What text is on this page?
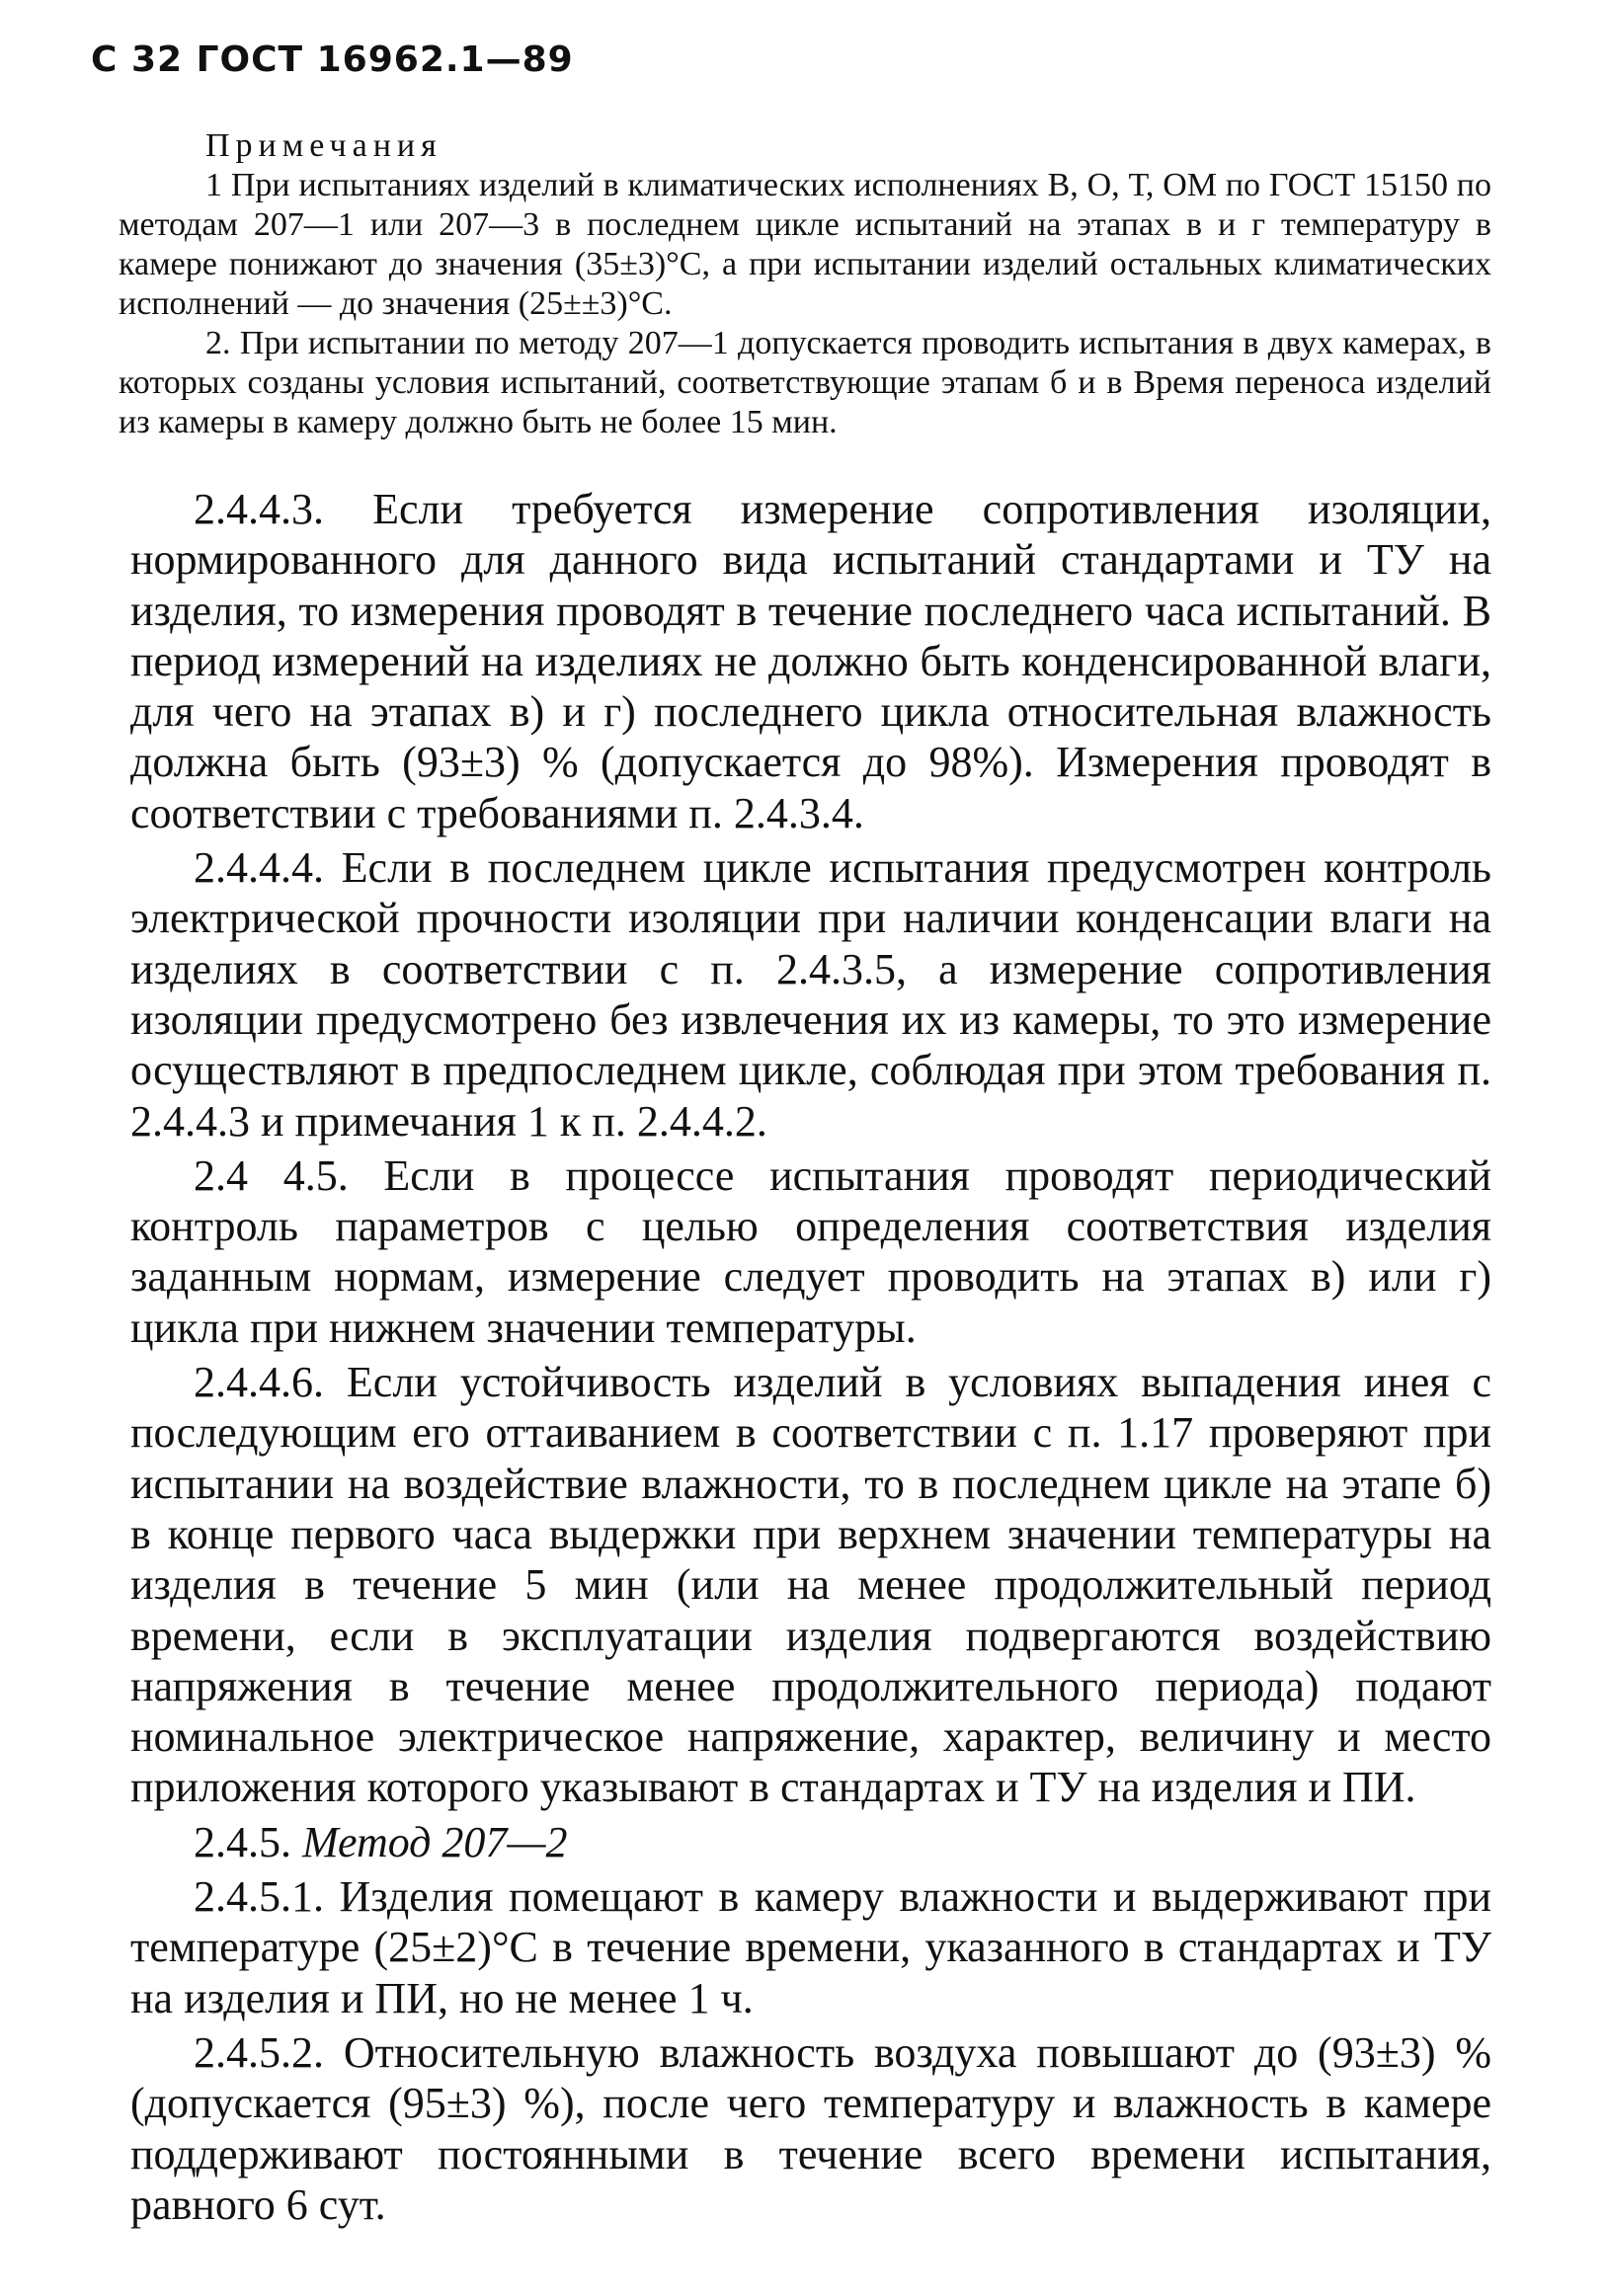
С 32 ГОСТ 16962.1—89
Примечания

1 При испытаниях изделий в климатических исполнениях В, О, Т, ОМ по ГОСТ 15150 по методам 207—1 или 207—3 в последнем цикле испытаний на этапах в и г температуру в камере понижают до значения (35±3)°С, а при испытании изделий остальных климатических исполнений — до значения (25±±3)°С.

2. При испытании по методу 207—1 допускается проводить испытания в двух камерах, в которых созданы условия испытаний, соответствующие этапам б и в Время переноса изделий из камеры в камеру должно быть не более 15 мин.

2.4.4.3. Если требуется измерение сопротивления изоляции, нормированного для данного вида испытаний стандартами и ТУ на изделия, то измерения проводят в течение последнего часа испытаний. В период измерений на изделиях не должно быть конденсированной влаги, для чего на этапах в) и г) последнего цикла относительная влажность должна быть (93±3) % (допускается до 98%). Измерения проводят в соответствии с требованиями п. 2.4.3.4.

2.4.4.4. Если в последнем цикле испытания предусмотрен контроль электрической прочности изоляции при наличии конденсации влаги на изделиях в соответствии с п. 2.4.3.5, а измерение сопротивления изоляции предусмотрено без извлечения их из камеры, то это измерение осуществляют в предпоследнем цикле, соблюдая при этом требования п. 2.4.4.3 и примечания 1 к п. 2.4.4.2.

2.4 4.5. Если в процессе испытания проводят периодический контроль параметров с целью определения соответствия изделия заданным нормам, измерение следует проводить на этапах в) или г) цикла при нижнем значении температуры.

2.4.4.6. Если устойчивость изделий в условиях выпадения инея с последующим его оттаиванием в соответствии с п. 1.17 проверяют при испытании на воздействие влажности, то в последнем цикле на этапе б) в конце первого часа выдержки при верхнем значении температуры на изделия в течение 5 мин (или на менее продолжительный период времени, если в эксплуатации изделия подвергаются воздействию напряжения в течение менее продолжительного периода) подают номинальное электрическое напряжение, характер, величину и место приложения которого указывают в стандартах и ТУ на изделия и ПИ.

2.4.5. Метод 207—2

2.4.5.1. Изделия помещают в камеру влажности и выдерживают при температуре (25±2)°С в течение времени, указанного в стандартах и ТУ на изделия и ПИ, но не менее 1 ч.

2.4.5.2. Относительную влажность воздуха повышают до (93±3) % (допускается (95±3) %), после чего температуру и влажность в камере поддерживают постоянными в течение всего времени испытания, равного 6 сут.
